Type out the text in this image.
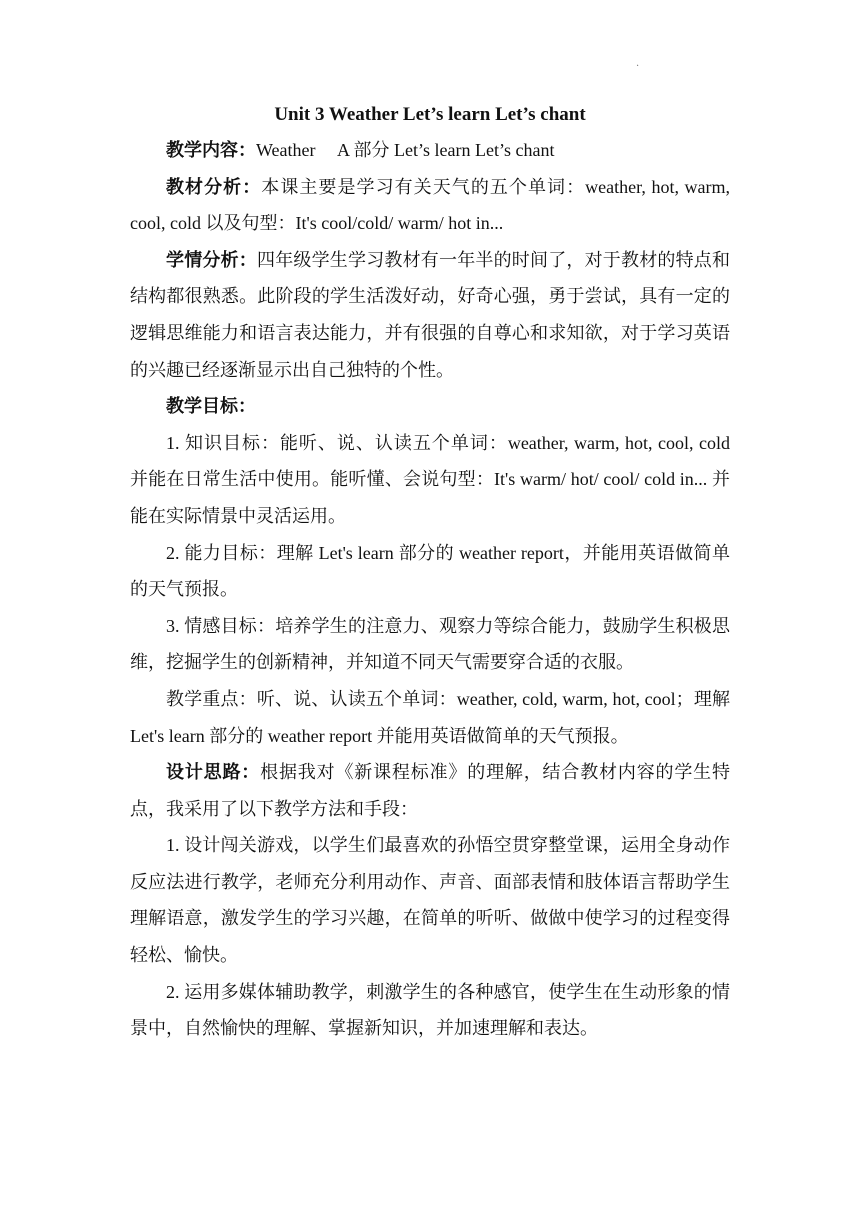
.
Unit 3 Weather Let’s learn Let’s chant

教学内容：Weather　 A 部分 Let’s learn Let’s chant

教材分析：本课主要是学习有关天气的五个单词：weather, hot, warm, cool, cold 以及句型：It's cool/cold/ warm/ hot in...

学情分析：四年级学生学习教材有一年半的时间了，对于教材的特点和结构都很熟悉。此阶段的学生活泼好动，好奇心强，勇于尝试，具有一定的逻辑思维能力和语言表达能力，并有很强的自尊心和求知欲，对于学习英语的兴趣已经逐渐显示出自己独特的个性。

教学目标：

1. 知识目标：能听、说、认读五个单词：weather, warm, hot, cool, cold 并能在日常生活中使用。能听懂、会说句型：It's warm/ hot/ cool/ cold in... 并能在实际情景中灵活运用。

2. 能力目标：理解 Let's learn 部分的 weather report，并能用英语做简单的天气预报。

3. 情感目标：培养学生的注意力、观察力等综合能力，鼓励学生积极思维，挖掘学生的创新精神，并知道不同天气需要穿合适的衣服。

教学重点：听、说、认读五个单词：weather, cold, warm, hot, cool；理解 Let's learn 部分的 weather report 并能用英语做简单的天气预报。

设计思路：根据我对《新课程标准》的理解，结合教材内容的学生特点，我采用了以下教学方法和手段：

1. 设计闯关游戏，以学生们最喜欢的孙悟空贯穿整堂课，运用全身动作反应法进行教学，老师充分利用动作、声音、面部表情和肢体语言帮助学生理解语意，激发学生的学习兴趣，在简单的听听、做做中使学习的过程变得轻松、愉快。

2. 运用多媒体辅助教学，刺激学生的各种感官，使学生在生动形象的情景中，自然愉快的理解、掌握新知识，并加速理解和表达。
